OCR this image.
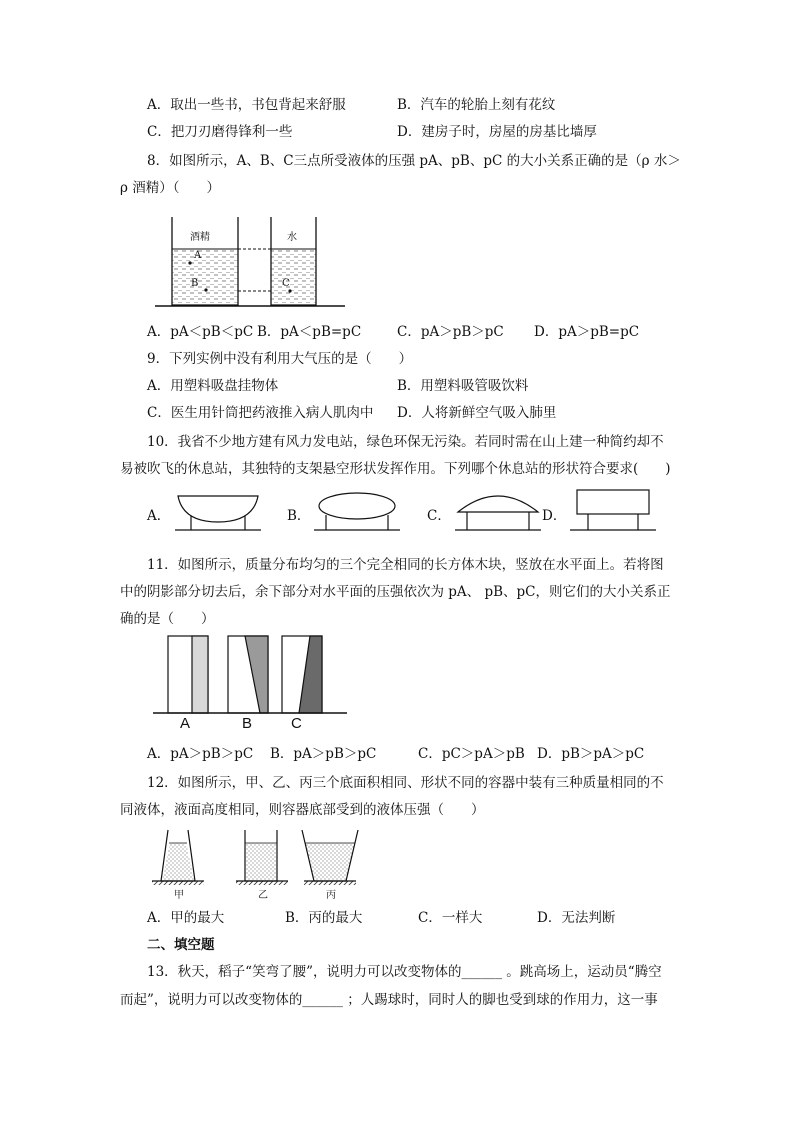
A．取出一些书，书包背起来舒服	B．汽车的轮胎上刻有花纹
C．把刀刃磨得锋利一些	D．建房子时，房屋的房基比墙厚
8．如图所示，A、B、C三点所受液体的压强 pA、pB、pC 的大小关系正确的是（ρ 水＞
ρ 酒精）（　　）
酒精	水
A
B	C
A．pA＜pB＜pC B．pA＜pB=pC	C．pA＞pB＞pC D．pA＞pB=pC
9．下列实例中没有利用大气压的是（　　）
A．用塑料吸盘挂物体	B．用塑料吸管吸饮料
C．医生用针筒把药液推入病人肌肉中 D．人将新鲜空气吸入肺里
10．我省不少地方建有风力发电站，绿色环保无污染。若同时需在山上建一种简约却不
易被吹飞的休息站，其独特的支架悬空形状发挥作用。下列哪个休息站的形状符合要求(　　)
A．	B．	C．	D．
11．如图所示，质量分布均匀的三个完全相同的长方体木块，竖放在水平面上。若将图
中的阴影部分切去后，余下部分对水平面的压强依次为 pA、 pB、pC，则它们的大小关系正
确的是（　　）
A	B	C
A．pA＞pB＞pC B．pA＞pB＞pC	C．pC＞pA＞pB D．pB＞pA＞pC
12．如图所示，甲、乙、丙三个底面积相同、形状不同的容器中装有三种质量相同的不
同液体，液面高度相同，则容器底部受到的液体压强（　　）
甲	乙	丙
A．甲的最大	B．丙的最大	C．一样大	D．无法判断
二、填空题
13．秋天，稻子“笑弯了腰”，说明力可以改变物体的______ 。跳高场上，运动员“腾空
而起”，说明力可以改变物体的______ ；人踢球时，同时人的脚也受到球的作用力，这一事
